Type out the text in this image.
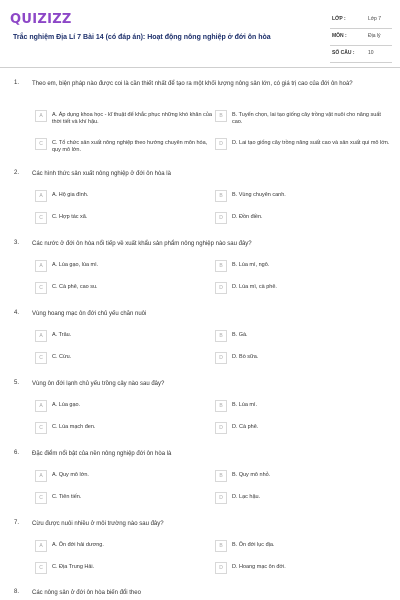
QUIZIZZ
Trắc nghiệm Địa Lí 7 Bài 14 (có đáp án): Hoạt động nông nghiệp ở đới ôn hòa
LỚP :	Lớp 7
MÔN :	Địa lý
SỐ CÂU :	10
1. Theo em, biện pháp nào được coi là cần thiết nhất để tạo ra một khối lượng nông sản lớn, có giá trị cao của đới ôn hoà?
A	A. Áp dụng khoa học - kĩ thuật để khắc phục những khó khăn của thời tiết và khí hậu.
B	B. Tuyển chọn, lai tạo giống cây trồng vật nuôi cho năng suất cao.
C	C. Tổ chức sản xuất nông nghiệp theo hướng chuyên môn hóa, quy mô lớn.
D	D. Lai tạo giống cây trồng năng suất cao và sản xuất qui mô lớn.
2. Các hình thức sản xuất nông nghiệp ở đới ôn hòa là
A	A. Hộ gia đình.	B	B. Vùng chuyên canh.
C	C. Hợp tác xã.	D	D. Đồn điền.
3. Các nước ở đới ôn hòa nổi tiếp về xuất khẩu sản phẩm nông nghiệp nào sau đây?
A	A. Lúa gạo, lúa mì.	B	B. Lúa mì, ngô.
C	C. Cà phê, cao su.	D	D. Lúa mì, cà phê.
4. Vùng hoang mạc ôn đới chủ yếu chăn nuôi
A	A. Trâu.	B	B. Gà.
C	C. Cừu.	D	D. Bò sữa.
5. Vùng ôn đới lạnh chủ yếu trồng cây nào sau đây?
A	A. Lúa gạo.	B	B. Lúa mì.
C	C. Lúa mạch đen.	D	D. Cà phê.
6. Đặc điểm nổi bật của nền nông nghiệp đới ôn hòa là
A	A. Quy mô lớn.	B	B. Quy mô nhỏ.
C	C. Tiên tiến.	D	D. Lạc hậu.
7. Cừu được nuôi nhiều ở môi trường nào sau đây?
A	A. Ôn đới hải dương.	B	B. Ôn đới lục địa.
C	C. Địa Trung Hải.	D	D. Hoang mạc ôn đới.
8. Các nông sản ở đới ôn hòa biến đổi theo
